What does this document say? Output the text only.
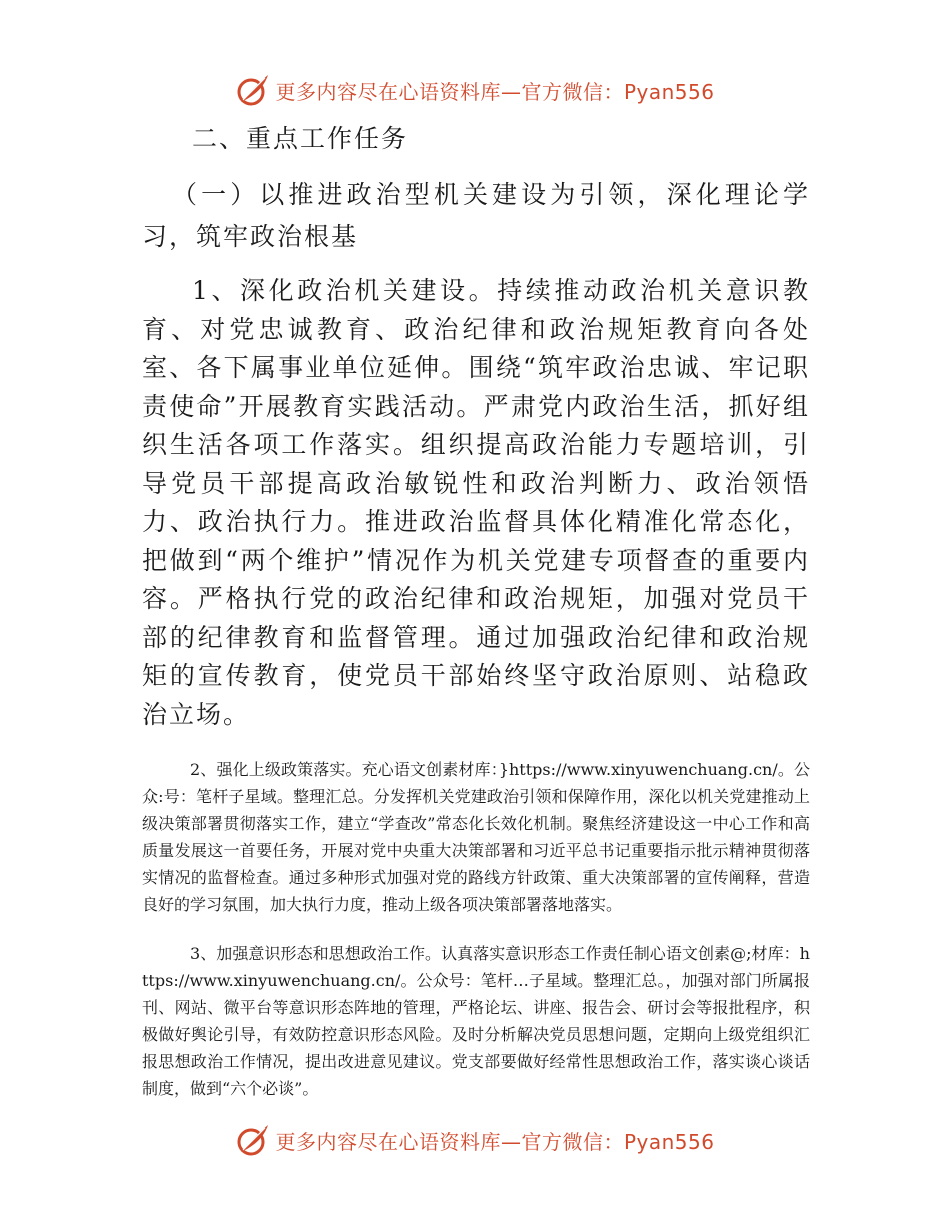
更多内容尽在心语资料库—官方微信：Pyan556

二、重点工作任务

（一）以推进政治型机关建设为引领，深化理论学习，筑牢政治根基

1、深化政治机关建设。持续推动政治机关意识教育、对党忠诚教育、政治纪律和政治规矩教育向各处室、各下属事业单位延伸。围绕“筑牢政治忠诚、牢记职责使命”开展教育实践活动。严肃党内政治生活，抓好组织生活各项工作落实。组织提高政治能力专题培训，引导党员干部提高政治敏锐性和政治判断力、政治领悟力、政治执行力。推进政治监督具体化精准化常态化，把做到“两个维护”情况作为机关党建专项督查的重要内容。严格执行党的政治纪律和政治规矩，加强对党员干部的纪律教育和监督管理。通过加强政治纪律和政治规矩的宣传教育，使党员干部始终坚守政治原则、站稳政治立场。

2、强化上级政策落实。充心语文创素材库：}https://www.xinyuwenchuang.cn/。公众:号：笔杆子星域。整理汇总。分发挥机关党建政治引领和保障作用，深化以机关党建推动上级决策部署贯彻落实工作，建立“学查改”常态化长效化机制。聚焦经济建设这一中心工作和高质量发展这一首要任务，开展对党中央重大决策部署和习近平总书记重要指示批示精神贯彻落实情况的监督检查。通过多种形式加强对党的路线方针政策、重大决策部署的宣传阐释，营造良好的学习氛围，加大执行力度，推动上级各项决策部署落地落实。

3、加强意识形态和思想政治工作。认真落实意识形态工作责任制心语文创素@;材库：https://www.xinyuwenchuang.cn/。公众号：笔杆…子星域。整理汇总。，加强对部门所属报刊、网站、微平台等意识形态阵地的管理，严格论坛、讲座、报告会、研讨会等报批程序，积极做好舆论引导，有效防控意识形态风险。及时分析解决党员思想问题，定期向上级党组织汇报思想政治工作情况，提出改进意见建议。党支部要做好经常性思想政治工作，落实谈心谈话制度，做到“六个必谈”。

更多内容尽在心语资料库—官方微信：Pyan556
